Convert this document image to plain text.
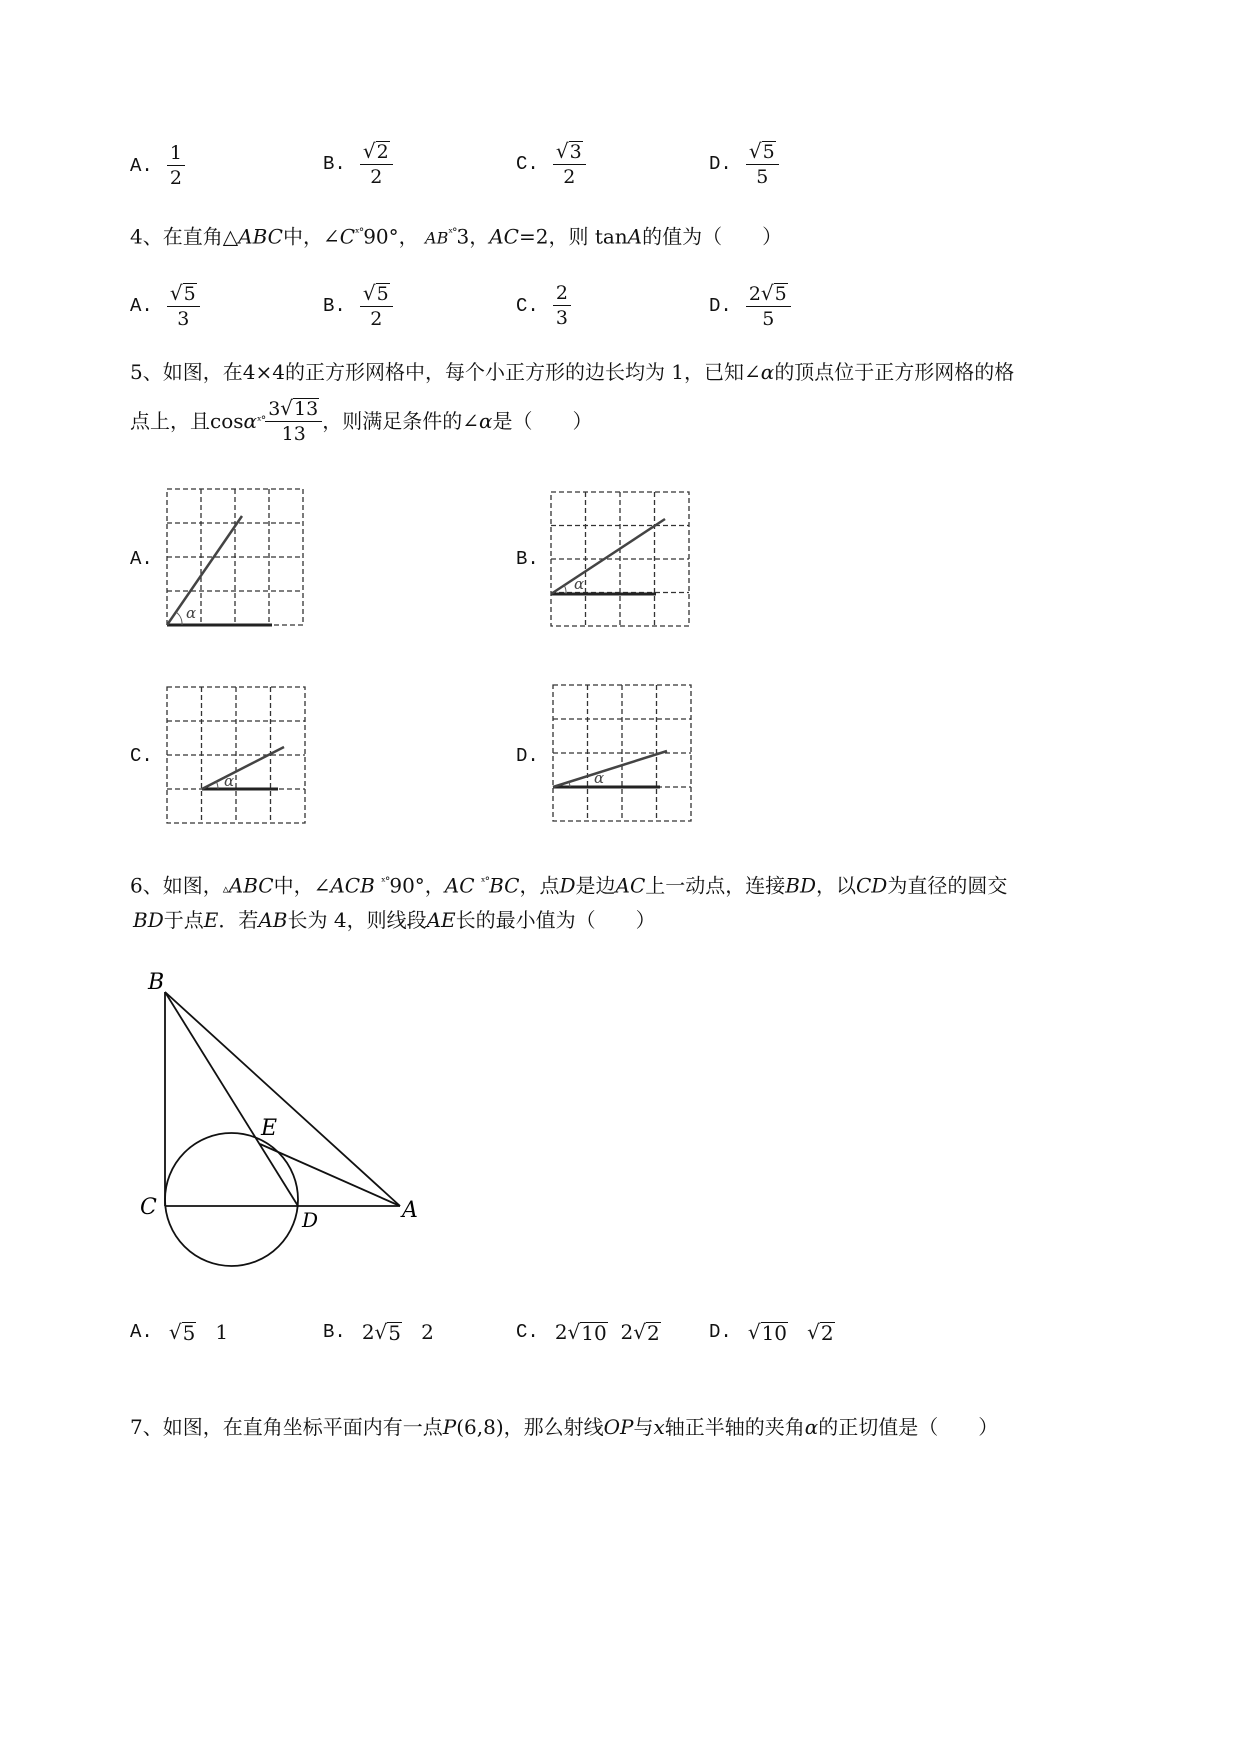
A. $\frac{1}{2}$	B. $\frac{√ 2}{2}$	C. $\frac{√ 3}{2}$	D. $\frac{√ 5}{5}$
4、在直角△ABC中，$\angle C^{ˣ^\circ}90^\circ$， $AB^{ˣ^\circ}3$，AC=2，则 tanA的值为（　　）
A. $\frac{√ 5}{3}$	B. $\frac{√ 5}{2}$	C. $\frac{2}{3}$	D. $\frac{2 √ 5}{5}$
5、如图，在4×4的正方形网格中，每个小正方形的边长均为 1，已知∠α的顶点位于正方形网格的格
点上，且 cos α ˣ° $\frac{3 √ 13}{13}$ ，则满足条件的∠ α 是（　　）
A.	B.
C.	D.
α
α
α	α
6、如图，▵ABC中，∠ACB $^{ˣ^\circ}$90°，AC $^{ˣ^\circ}$BC，点D是边AC上一动点，连接BD，以CD为直径的圆交
BD于点E．若AB长为 4，则线段AE长的最小值为（　　）
B
C	D	A
E
A. √ 5 1	B. 2 √ 5 2	C. 2 √ 10 2 √ 2	D. √ 10
√ 2
7、如图，在直角坐标平面内有一点P(6,8)，那么射线OP与x轴正半轴的夹角α的正切值是（　　）
